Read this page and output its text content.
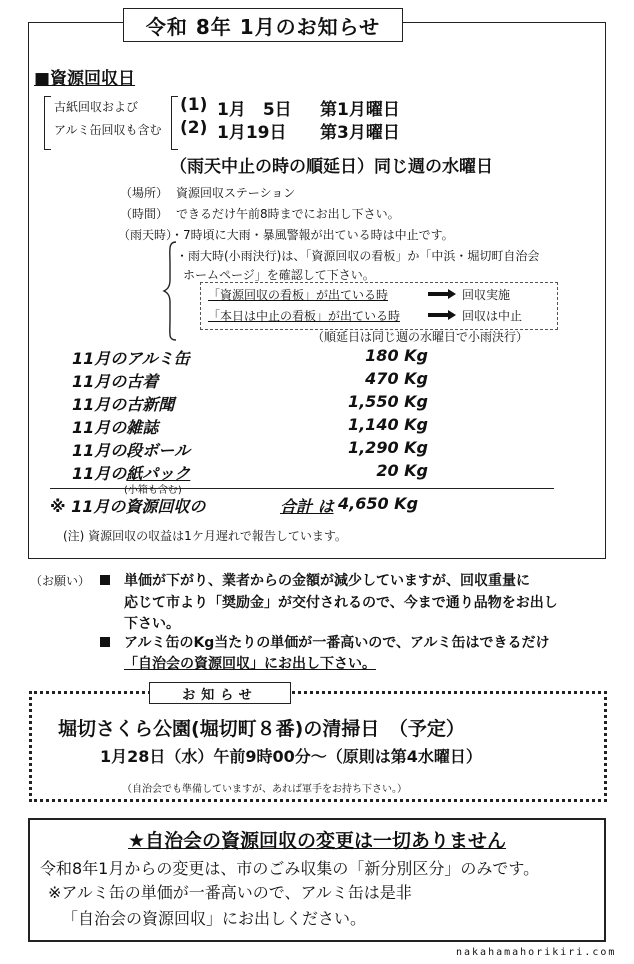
令和 8年 1月のお知らせ
■資源回収日
古紙回収および
アルミ缶回収も含む
(1) 1月　5日 第1月曜日
(2) 1月19日 第3月曜日
（雨天中止の時の順延日）同じ週の水曜日
（場所） 資源回収ステーション
（時間） できるだけ午前8時までにお出し下さい。
（雨天時）
・7時頃に大雨・暴風警報が出ている時は中止です。
・雨大時(小雨決行)は、「資源回収の看板」か「中浜・堀切町自治会
ホームページ」を確認して下さい。
「資源回収の看板」が出ている時	回収実施
「本日は中止の看板」が出ている時	回収は中止
（順延日は同じ週の水曜日で小雨決行）
11月のアルミ缶	180 Kg
11月の古着	470 Kg
11月の古新聞	1,550 Kg
11月の雑誌	1,140 Kg
11月の段ボール	1,290 Kg
11月の紙パック	20 Kg
(小箱も含む)
※ 11月の資源回収の	合計 は 4,650 Kg
(注) 資源回収の収益は1ケ月遅れで報告しています。
（お願い） 単価が下がり、業者からの金額が減少していますが、回収重量に
応じて市より「奨励金」が交付されるので、今まで通り品物をお出し
下さい。
アルミ缶のKg当たりの単価が一番高いので、アルミ缶はできるだけ
「自治会の資源回収」にお出し下さい。
お知らせ
堀切さくら公園(堀切町８番)の清掃日　（予定）
1月28日（水）午前9時00分～（原則は第4水曜日）
（自治会でも準備していますが、あれば軍手をお持ち下さい。）
★自治会の資源回収の変更は一切ありません
令和8年1月からの変更は、市のごみ収集の「新分別区分」のみです。
※アルミ缶の単価が一番高いので、アルミ缶は是非
「自治会の資源回収」にお出しください。
nakahamahorikiri.com
